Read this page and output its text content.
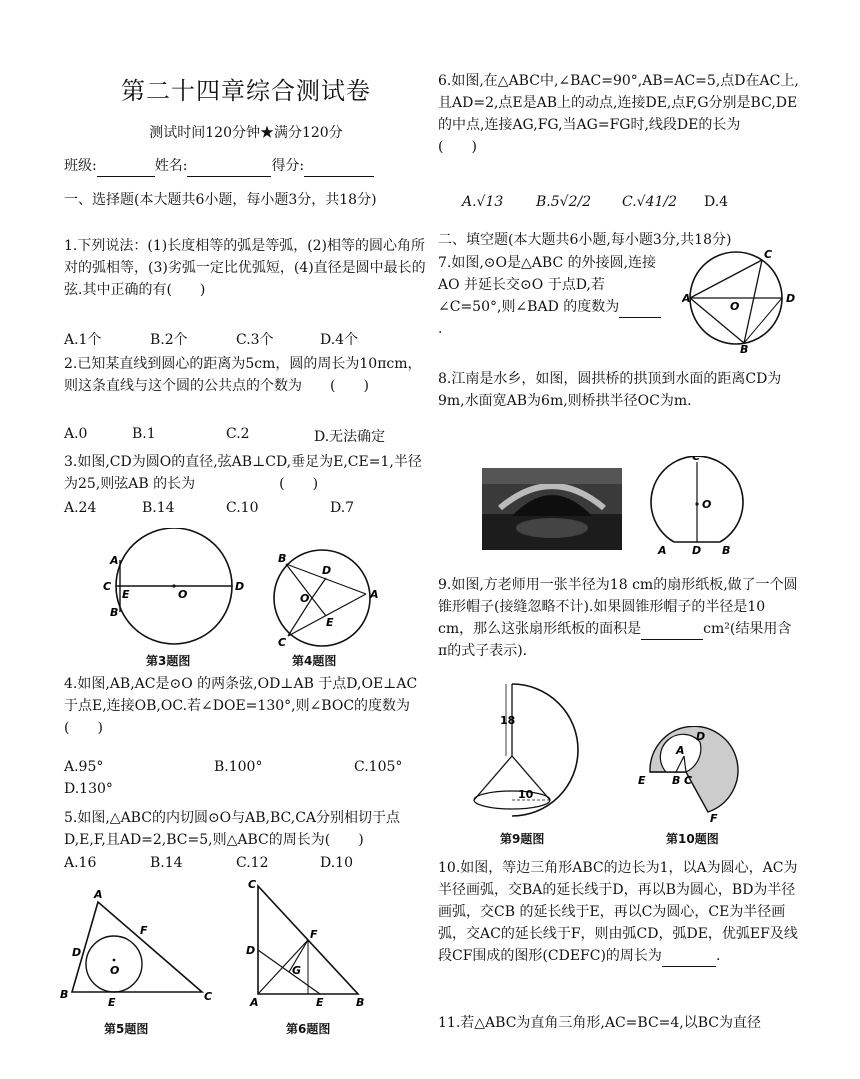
第二十四章综合测试卷
测试时间120分钟★满分120分
班级:	姓名:	得分:
一、选择题(本大题共6小题，每小题3分，共18分)
1.下列说法：(1)长度相等的弧是等弧，(2)相等的圆心角所对的弧相等，(3)劣弧一定比优弧短，(4)直径是圆中最长的弦.其中正确的有(　　)
A.1个	B.2个	C.3个	D.4个
2.已知某直线到圆心的距离为5cm，圆的周长为10πcm，则这条直线与这个圆的公共点的个数为　　(　　)
A.0	B.1	C.2	D.无法确定
3.如图,CD为圆O的直径,弦AB⊥CD,垂足为E,CE=1,半径为25,则弦AB 的长为　　　　　　(　　)
A.24	B.14	C.10	D.7
A
B
C
E	O
D
第3题图
B
D
O	A
E
C
第4题图
4.如图,AB,AC是⊙O 的两条弦,OD⊥AB 于点D,OE⊥AC于点E,连接OB,OC.若∠DOE=130°,则∠BOC的度数为 (　　)
A.95°	B.100°	C.105°
D.130°
5.如图,△ABC的内切圆⊙O与AB,BC,CA分别相切于点D,E,F,且AD=2,BC=5,则△ABC的周长为(　　)
A.16	B.14	C.12	D.10
A
F
D
O
B
E	C
第5题图
C
F
D
G
A	E	B
第6题图
6.如图,在△ABC中,∠BAC=90°,AB=AC=5,点D在AC上,且AD=2,点E是AB上的动点,连接DE,点F,G分别是BC,DE的中点,连接AG,FG,当AG=FG时,线段DE的长为　　(　　)
A.√13 B.5√2/2 C.√41/2 D.4
二、填空题(本大题共6小题,每小题3分,共18分)
7.如图,⊙O是△ABC 的外接圆,连接AO 并延长交⊙O 于点D,若∠C=50°,则∠BAD 的度数为.
C
A
O
D
B
8.江南是水乡，如图，圆拱桥的拱顶到水面的距离CD为9m,水面宽AB为6m,则桥拱半径OC为m.
C
O
A D B
9.如图,方老师用一张半径为18 cm的扇形纸板,做了一个圆锥形帽子(接缝忽略不计).如果圆锥形帽子的半径是10 cm，那么这张扇形纸板的面积是	cm²(结果用含π的式子表示).
18
10
第9题图
D
A
E B C
F
第10题图
10.如图，等边三角形ABC的边长为1，以A为圆心，AC为半径画弧，交BA的延长线于D，再以B为圆心，BD为半径画弧，交CB 的延长线于E，再以C为圆心，CE为半径画弧，交AC的延长线于F，则由弧CD，弧DE，优弧EF及线段CF围成的图形(CDEFC)的周长为	.
11.若△ABC为直角三角形,AC=BC=4,以BC为直径
